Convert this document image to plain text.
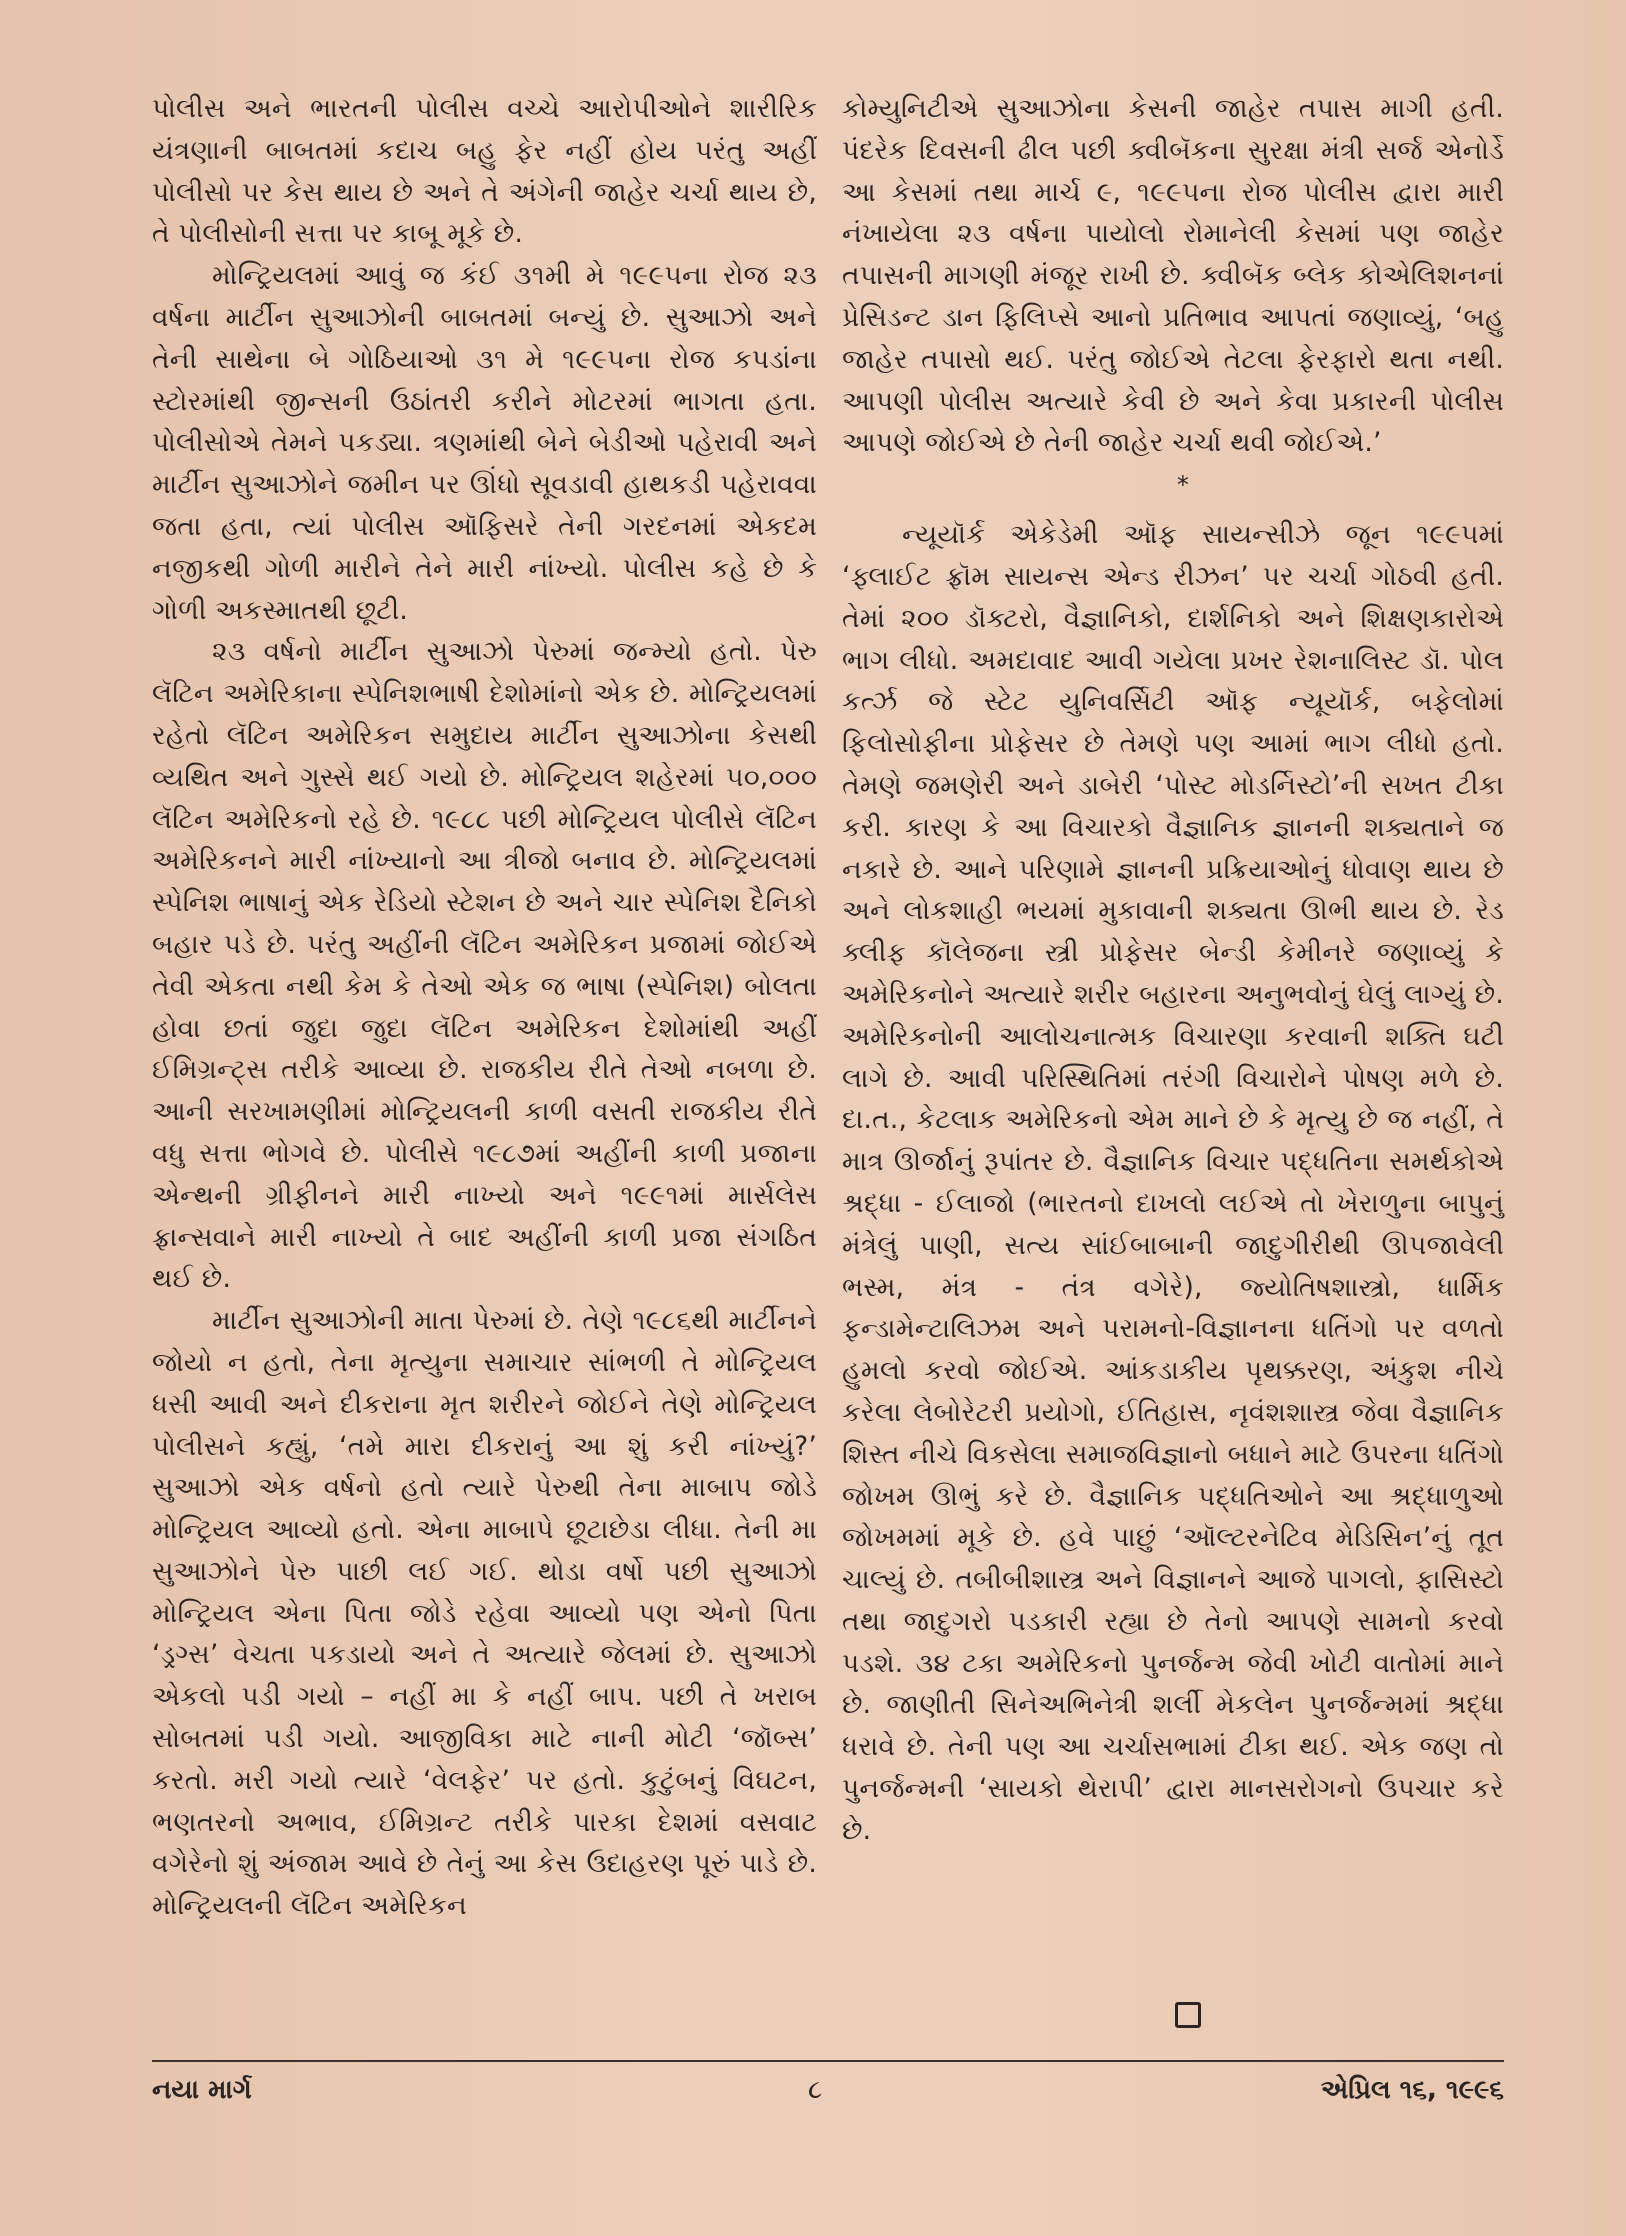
પોલીસ અને ભારતની પોલીસ વચ્ચે આરોપીઓને શારીરિક યંત્રણાની બાબતમાં કદાચ બહુ ફેર નહીં હોય પરંતુ અહીં પોલીસો પર કેસ થાય છે અને તે અંગેની જાહેર ચર્ચા થાય છે, તે પોલીસોની સત્તા પર કાબૂ મૂકે છે.

મોન્ટ્રિયલમાં આવું જ કંઈ ૩૧મી મે ૧૯૯૫ના રોજ ૨૩ વર્ષના માર્ટીન સુઆઝોની બાબતમાં બન્યું છે. સુઆઝો અને તેની સાથેના બે ગોઠિયાઓ ૩૧ મે ૧૯૯૫ના રોજ કપડાંના સ્ટોરમાંથી જીન્સની ઉઠાંતરી કરીને મોટરમાં ભાગતા હતા. પોલીસોએ તેમને પકડ્યા. ત્રણમાંથી બેને બેડીઓ પહેરાવી અને માર્ટીન સુઆઝોને જમીન પર ઊંધો સૂવડાવી હાથકડી પહેરાવવા જતા હતા, ત્યાં પોલીસ ઑફિસરે તેની ગરદનમાં એકદમ નજીકથી ગોળી મારીને તેને મારી નાંખ્યો. પોલીસ કહે છે કે ગોળી અકસ્માતથી છૂટી.

૨૩ વર્ષનો માર્ટીન સુઆઝો પેરુમાં જન્મ્યો હતો. પેરુ લૅટિન અમેરિકાના સ્પેનિશભાષી દેશોમાંનો એક છે. મોન્ટ્રિયલમાં રહેતો લૅટિન અમેરિકન સમુદાય માર્ટીન સુઆઝોના કેસથી વ્યથિત અને ગુસ્સે થઈ ગયો છે. મોન્ટ્રિયલ શહેરમાં ૫૦,૦૦૦ લૅટિન અમેરિકનો રહે છે. ૧૯૮૮ પછી મોન્ટ્રિયલ પોલીસે લૅટિન અમેરિકનને મારી નાંખ્યાનો આ ત્રીજો બનાવ છે. મોન્ટ્રિયલમાં સ્પેનિશ ભાષાનું એક રેડિયો સ્ટેશન છે અને ચાર સ્પેનિશ દૈનિકો બહાર પડે છે. પરંતુ અહીંની લૅટિન અમેરિકન પ્રજામાં જોઈએ તેવી એકતા નથી કેમ કે તેઓ એક જ ભાષા (સ્પેનિશ) બોલતા હોવા છતાં જુદા જુદા લૅટિન અમેરિકન દેશોમાંથી અહીં ઈમિગ્રન્ટ્સ તરીકે આવ્યા છે. રાજકીય રીતે તેઓ નબળા છે. આની સરખામણીમાં મોન્ટ્રિયલની કાળી વસતી રાજકીય રીતે વધુ સત્તા ભોગવે છે. પોલીસે ૧૯૮૭માં અહીંની કાળી પ્રજાના એન્થની ગ્રીફીનને મારી નાખ્યો અને ૧૯૯૧માં માર્સલેસ ફ્રાન્સવાને મારી નાખ્યો તે બાદ અહીંની કાળી પ્રજા સંગઠિત થઈ છે.

માર્ટીન સુઆઝોની માતા પેરુમાં છે. તેણે ૧૯૮૬થી માર્ટીનને જોયો ન હતો, તેના મૃત્યુના સમાચાર સાંભળી તે મોન્ટ્રિયલ ધસી આવી અને દીકરાના મૃત શરીરને જોઈને તેણે મોન્ટ્રિયલ પોલીસને કહ્યું, ‘તમે મારા દીકરાનું આ શું કરી નાંખ્યું?’ સુઆઝો એક વર્ષનો હતો ત્યારે પેરુથી તેના માબાપ જોડે મોન્ટ્રિયલ આવ્યો હતો. એના માબાપે છૂટાછેડા લીધા. તેની મા સુઆઝોને પેરુ પાછી લઈ ગઈ. થોડા વર્ષો પછી સુઆઝો મોન્ટ્રિયલ એના પિતા જોડે રહેવા આવ્યો પણ એનો પિતા ‘ડ્રગ્સ’ વેચતા પકડાયો અને તે અત્યારે જેલમાં છે. સુઆઝો એકલો પડી ગયો – નહીં મા કે નહીં બાપ. પછી તે ખરાબ સોબતમાં પડી ગયો. આજીવિકા માટે નાની મોટી ‘જૉબ્સ’ કરતો. મરી ગયો ત્યારે ‘વેલફેર’ પર હતો. કુટુંબનું વિઘટન, ભણતરનો અભાવ, ઈમિગ્રન્ટ તરીકે પારકા દેશમાં વસવાટ વગેરેનો શું અંજામ આવે છે તેનું આ કેસ ઉદાહરણ પૂરું પાડે છે. મોન્ટ્રિયલની લૅટિન અમેરિકન

કોમ્યુનિટીએ સુઆઝોના કેસની જાહેર તપાસ માગી હતી. પંદરેક દિવસની ઢીલ પછી ક્વીબૅકના સુરક્ષા મંત્રી સર્જ એનોર્ડે આ કેસમાં તથા માર્ચ ૯, ૧૯૯૫ના રોજ પોલીસ દ્વારા મારી નંખાયેલા ૨૩ વર્ષના પાયોલો રોમાનેલી કેસમાં પણ જાહેર તપાસની માગણી મંજૂર રાખી છે. ક્વીબૅક બ્લેક કોએલિશનનાં પ્રેસિડન્ટ ડાન ફિલિપ્સે આનો પ્રતિભાવ આપતાં જણાવ્યું, ‘બહુ જાહેર તપાસો થઈ. પરંતુ જોઈએ તેટલા ફેરફારો થતા નથી. આપણી પોલીસ અત્યારે કેવી છે અને કેવા પ્રકારની પોલીસ આપણે જોઈએ છે તેની જાહેર ચર્ચા થવી જોઈએ.’

*

ન્યૂયૉર્ક એકેડેમી ઑફ સાયન્સીઝે જૂન ૧૯૯૫માં ‘ફ્લાઈટ ફ્રૉમ સાયન્સ એન્ડ રીઝન’ પર ચર્ચા ગોઠવી હતી. તેમાં ૨૦૦ ડૉક્ટરો, વૈજ્ઞાનિકો, દાર્શનિકો અને શિક્ષણકારોએ ભાગ લીધો. અમદાવાદ આવી ગયેલા પ્રખર રેશનાલિસ્ટ ડૉ. પોલ કર્ત્ઝ જે સ્ટેટ યુનિવર્સિટી ઑફ ન્યૂયૉર્ક, બફેલોમાં ફિલોસોફીના પ્રોફેસર છે તેમણે પણ આમાં ભાગ લીધો હતો. તેમણે જમણેરી અને ડાબેરી ‘પોસ્ટ મોડર્નિસ્ટો’ની સખત ટીકા કરી. કારણ કે આ વિચારકો વૈજ્ઞાનિક જ્ઞાનની શક્યતાને જ નકારે છે. આને પરિણામે જ્ઞાનની પ્રક્રિયાઓનું ધોવાણ થાય છે અને લોકશાહી ભયમાં મુકાવાની શક્યતા ઊભી થાય છે. રેડ ક્લીફ કૉલેજના સ્ત્રી પ્રોફેસર બેન્ડી કેમીનરે જણાવ્યું કે અમેરિકનોને અત્યારે શરીર બહારના અનુભવોનું ઘેલું લાગ્યું છે. અમેરિકનોની આલોચનાત્મક વિચારણા કરવાની શક્તિ ઘટી લાગે છે. આવી પરિસ્થિતિમાં તરંગી વિચારોને પોષણ મળે છે. દા.ત., કેટલાક અમેરિકનો એમ માને છે કે મૃત્યુ છે જ નહીં, તે માત્ર ઊર્જાનું રૂપાંતર છે. વૈજ્ઞાનિક વિચાર પદ્ધતિના સમર્થકોએ શ્રદ્ધા - ઈલાજો (ભારતનો દાખલો લઈએ તો ખેરાળુના બાપુનું મંત્રેલું પાણી, સત્ય સાંઈબાબાની જાદુગીરીથી ઊપજાવેલી ભસ્મ, મંત્ર - તંત્ર વગેરે), જ્યોતિષશાસ્ત્રો, ધાર્મિક ફન્ડામેન્ટાલિઝમ અને પરામનો-વિજ્ઞાનના ધતિંગો પર વળતો હુમલો કરવો જોઈએ. આંકડાકીય પૃથક્કરણ, અંકુશ નીચે કરેલા લેબોરેટરી પ્રયોગો, ઈતિહાસ, નૃવંશશાસ્ત્ર જેવા વૈજ્ઞાનિક શિસ્ત નીચે વિકસેલા સમાજવિજ્ઞાનો બધાને માટે ઉપરના ધતિંગો જોખમ ઊભું કરે છે. વૈજ્ઞાનિક પદ્ધતિઓને આ શ્રદ્ધાળુઓ જોખમમાં મૂકે છે. હવે પાછું ‘ઑલ્ટરનેટિવ મેડિસિન’નું તૂત ચાલ્યું છે. તબીબીશાસ્ત્ર અને વિજ્ઞાનને આજે પાગલો, ફાસિસ્ટો તથા જાદુગરો પડકારી રહ્યા છે તેનો આપણે સામનો કરવો પડશે. ૩૪ ટકા અમેરિકનો પુનર્જન્મ જેવી ખોટી વાતોમાં માને છે. જાણીતી સિનેઅભિનેત્રી શર્લી મેકલેન પુનર્જન્મમાં શ્રદ્ધા ધરાવે છે. તેની પણ આ ચર્ચાસભામાં ટીકા થઈ. એક જણ તો પુનર્જન્મની ‘સાયકો થેરાપી’ દ્વારા માનસરોગનો ઉપચાર કરે છે.

નયા માર્ગ	૮	એપ્રિલ ૧૬, ૧૯૯૬
